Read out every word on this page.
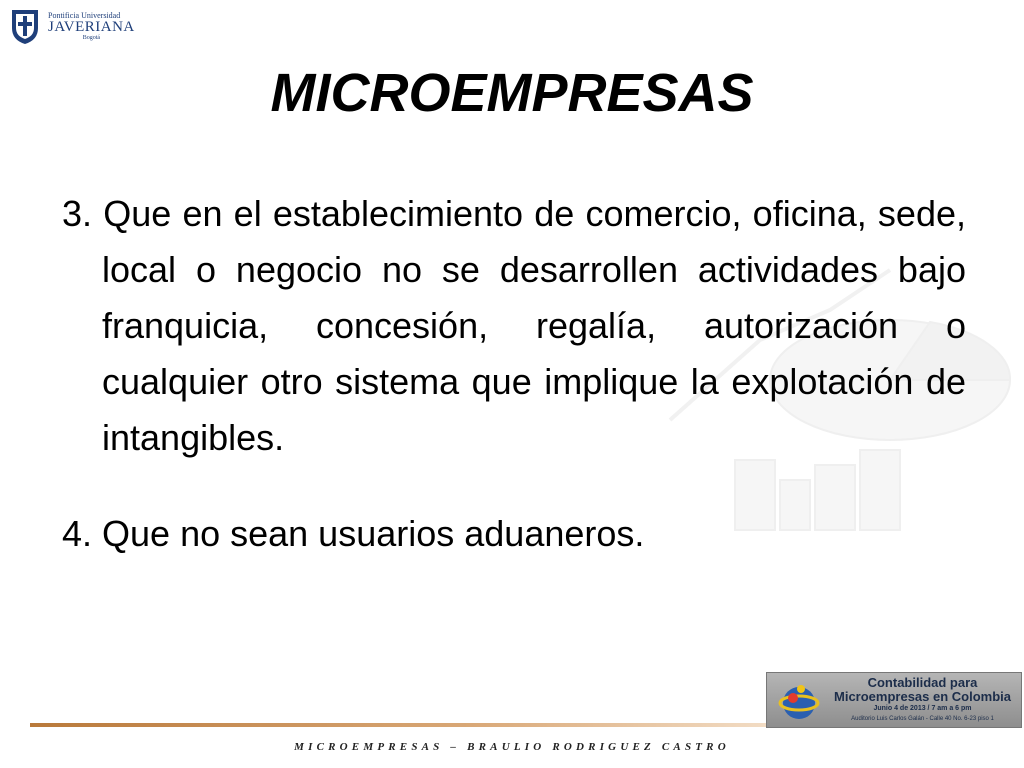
Pontificia Universidad
JAVERIANA
Bogotá
MICROEMPRESAS

3. Que en el establecimiento de comercio, oficina, sede, local o negocio no se desarrollen actividades bajo franquicia, concesión, regalía, autorización o cualquier otro sistema que implique la explotación de intangibles.

4. Que no sean usuarios aduaneros.

Contabilidad para
Microempresas en Colombia
Junio 4 de 2013 / 7 am a 6 pm
Auditorio Luis Carlos Galán - Calle 40 No. 6-23 piso 1
MICROEMPRESAS – BRAULIO RODRIGUEZ CASTRO
